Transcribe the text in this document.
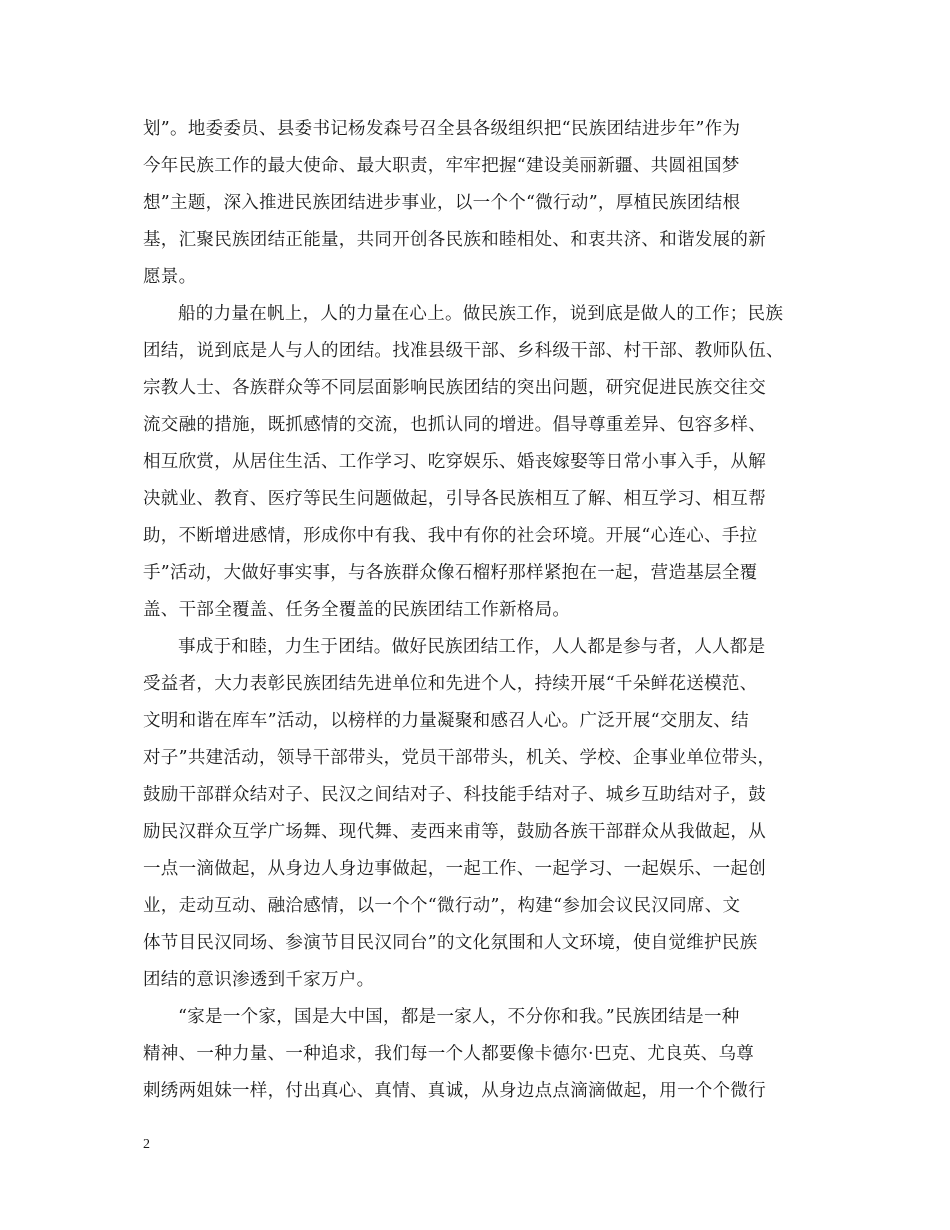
划”。地委委员、县委书记杨发森号召全县各级组织把“民族团结进步年”作为
今年民族工作的最大使命、最大职责，牢牢把握“建设美丽新疆、共圆祖国梦
想”主题，深入推进民族团结进步事业，以一个个“微行动”，厚植民族团结根
基，汇聚民族团结正能量，共同开创各民族和睦相处、和衷共济、和谐发展的新
愿景。
船的力量在帆上，人的力量在心上。做民族工作，说到底是做人的工作；民族
团结，说到底是人与人的团结。找准县级干部、乡科级干部、村干部、教师队伍、
宗教人士、各族群众等不同层面影响民族团结的突出问题，研究促进民族交往交
流交融的措施，既抓感情的交流，也抓认同的增进。倡导尊重差异、包容多样、
相互欣赏，从居住生活、工作学习、吃穿娱乐、婚丧嫁娶等日常小事入手，从解
决就业、教育、医疗等民生问题做起，引导各民族相互了解、相互学习、相互帮
助，不断增进感情，形成你中有我、我中有你的社会环境。开展“心连心、手拉
手”活动，大做好事实事，与各族群众像石榴籽那样紧抱在一起，营造基层全覆
盖、干部全覆盖、任务全覆盖的民族团结工作新格局。
事成于和睦，力生于团结。做好民族团结工作，人人都是参与者，人人都是
受益者，大力表彰民族团结先进单位和先进个人，持续开展“千朵鲜花送模范、
文明和谐在库车”活动，以榜样的力量凝聚和感召人心。广泛开展“交朋友、结
对子”共建活动，领导干部带头，党员干部带头，机关、学校、企事业单位带头，
鼓励干部群众结对子、民汉之间结对子、科技能手结对子、城乡互助结对子，鼓
励民汉群众互学广场舞、现代舞、麦西来甫等，鼓励各族干部群众从我做起，从
一点一滴做起，从身边人身边事做起，一起工作、一起学习、一起娱乐、一起创
业，走动互动、融洽感情，以一个个“微行动”，构建“参加会议民汉同席、文
体节目民汉同场、参演节目民汉同台”的文化氛围和人文环境，使自觉维护民族
团结的意识渗透到千家万户。
“家是一个家，国是大中国，都是一家人，不分你和我。”民族团结是一种
精神、一种力量、一种追求，我们每一个人都要像卡德尔·巴克、尤良英、乌尊
刺绣两姐妹一样，付出真心、真情、真诚，从身边点点滴滴做起，用一个个微行
2
